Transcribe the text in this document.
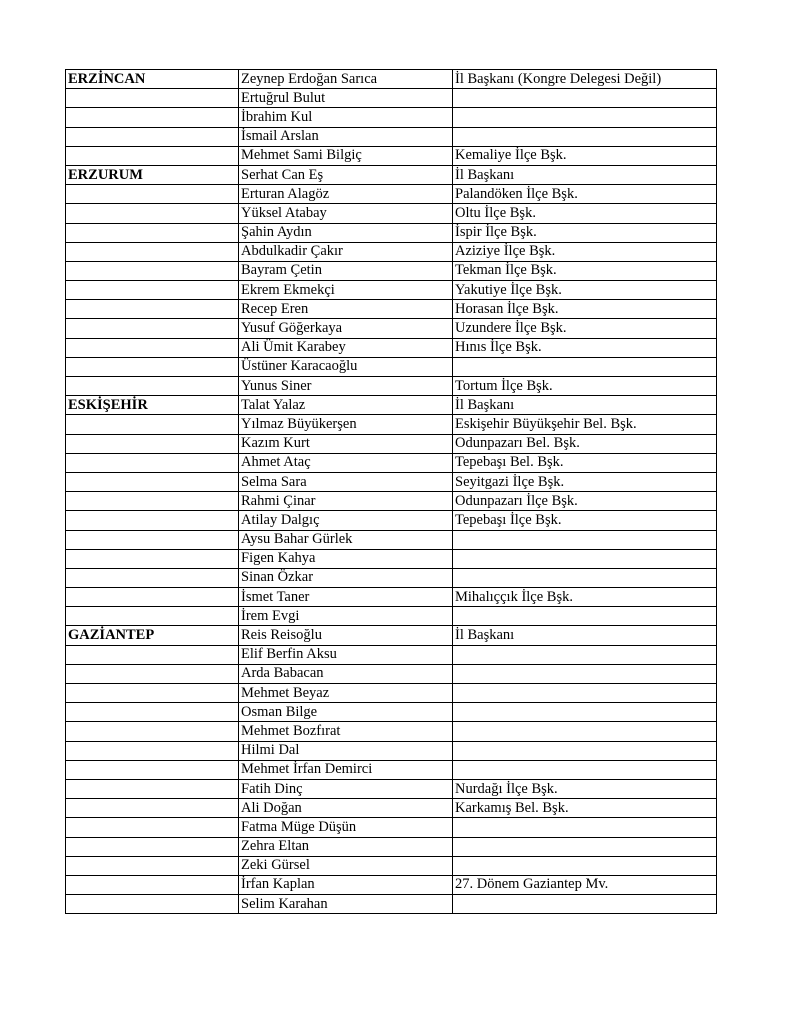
ERZİNCAN	Zeynep Erdoğan Sarıca	İl Başkanı (Kongre Delegesi Değil)
	Ertuğrul Bulut	
	İbrahim Kul	
	İsmail Arslan	
	Mehmet Sami Bilgiç	Kemaliye İlçe Bşk.
ERZURUM	Serhat Can Eş	İl Başkanı
	Erturan Alagöz	Palandöken İlçe Bşk.
	Yüksel Atabay	Oltu İlçe Bşk.
	Şahin Aydın	İspir İlçe Bşk.
	Abdulkadir Çakır	Aziziye İlçe Bşk.
	Bayram Çetin	Tekman İlçe Bşk.
	Ekrem Ekmekçi	Yakutiye İlçe Bşk.
	Recep Eren	Horasan İlçe Bşk.
	Yusuf Göğerkaya	Uzundere İlçe Bşk.
	Ali Ümit Karabey	Hınıs İlçe Bşk.
	Üstüner Karacaoğlu	
	Yunus Siner	Tortum İlçe Bşk.
ESKİŞEHİR	Talat Yalaz	İl Başkanı
	Yılmaz Büyükerşen	Eskişehir Büyükşehir Bel. Bşk.
	Kazım Kurt	Odunpazarı Bel. Bşk.
	Ahmet Ataç	Tepebaşı Bel. Bşk.
	Selma Sara	Seyitgazi İlçe Bşk.
	Rahmi Çinar	Odunpazarı İlçe Bşk.
	Atilay Dalgıç	Tepebaşı İlçe Bşk.
	Aysu Bahar Gürlek	
	Figen Kahya	
	Sinan Özkar	
	İsmet Taner	Mihalıççık İlçe Bşk.
	İrem Evgi	
GAZİANTEP	Reis Reisoğlu	İl Başkanı
	Elif Berfin Aksu	
	Arda Babacan	
	Mehmet Beyaz	
	Osman Bilge	
	Mehmet Bozfırat	
	Hilmi Dal	
	Mehmet İrfan Demirci	
	Fatih Dinç	Nurdağı İlçe Bşk.
	Ali Doğan	Karkamış Bel. Bşk.
	Fatma Müge Düşün	
	Zehra Eltan	
	Zeki Gürsel	
	İrfan Kaplan	27. Dönem Gaziantep Mv.
	Selim Karahan	
